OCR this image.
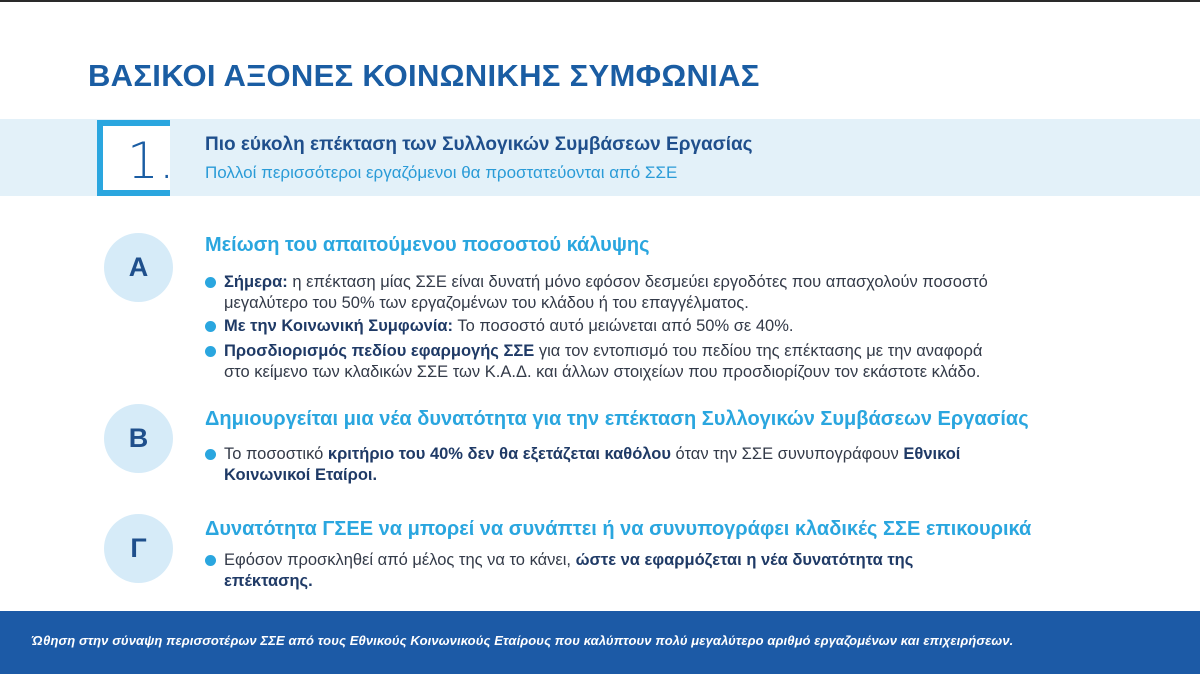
ΒΑΣΙΚΟΙ ΑΞΟΝΕΣ ΚΟΙΝΩΝΙΚΗΣ ΣΥΜΦΩΝΙΑΣ
1. Πιο εύκολη επέκταση των Συλλογικών Συμβάσεων Εργασίας
Πολλοί περισσότεροι εργαζόμενοι θα προστατεύονται από ΣΣΕ
Α
Μείωση του απαιτούμενου ποσοστού κάλυψης
Σήμερα: η επέκταση μίας ΣΣΕ είναι δυνατή μόνο εφόσον δεσμεύει εργοδότες που απασχολούν ποσοστό
μεγαλύτερο του 50% των εργαζομένων του κλάδου ή του επαγγέλματος.
Με την Κοινωνική Συμφωνία: Το ποσοστό αυτό μειώνεται από 50% σε 40%.
Προσδιορισμός πεδίου εφαρμογής ΣΣΕ για τον εντοπισμό του πεδίου της επέκτασης με την αναφορά
στο κείμενο των κλαδικών ΣΣΕ των Κ.Α.Δ. και άλλων στοιχείων που προσδιορίζουν τον εκάστοτε κλάδο.
Β
Δημιουργείται μια νέα δυνατότητα για την επέκταση Συλλογικών Συμβάσεων Εργασίας
Το ποσοστικό κριτήριο του 40% δεν θα εξετάζεται καθόλου όταν την ΣΣΕ συνυπογράφουν Εθνικοί
Κοινωνικοί Εταίροι.
Γ
Δυνατότητα ΓΣΕΕ να μπορεί να συνάπτει ή να συνυπογράφει κλαδικές ΣΣΕ επικουρικά
Εφόσον προσκληθεί από μέλος της να το κάνει, ώστε να εφαρμόζεται η νέα δυνατότητα της
επέκτασης.
Ώθηση στην σύναψη περισσοτέρων ΣΣΕ από τους Εθνικούς Κοινωνικούς Εταίρους που καλύπτουν πολύ μεγαλύτερο αριθμό εργαζομένων και επιχειρήσεων.
